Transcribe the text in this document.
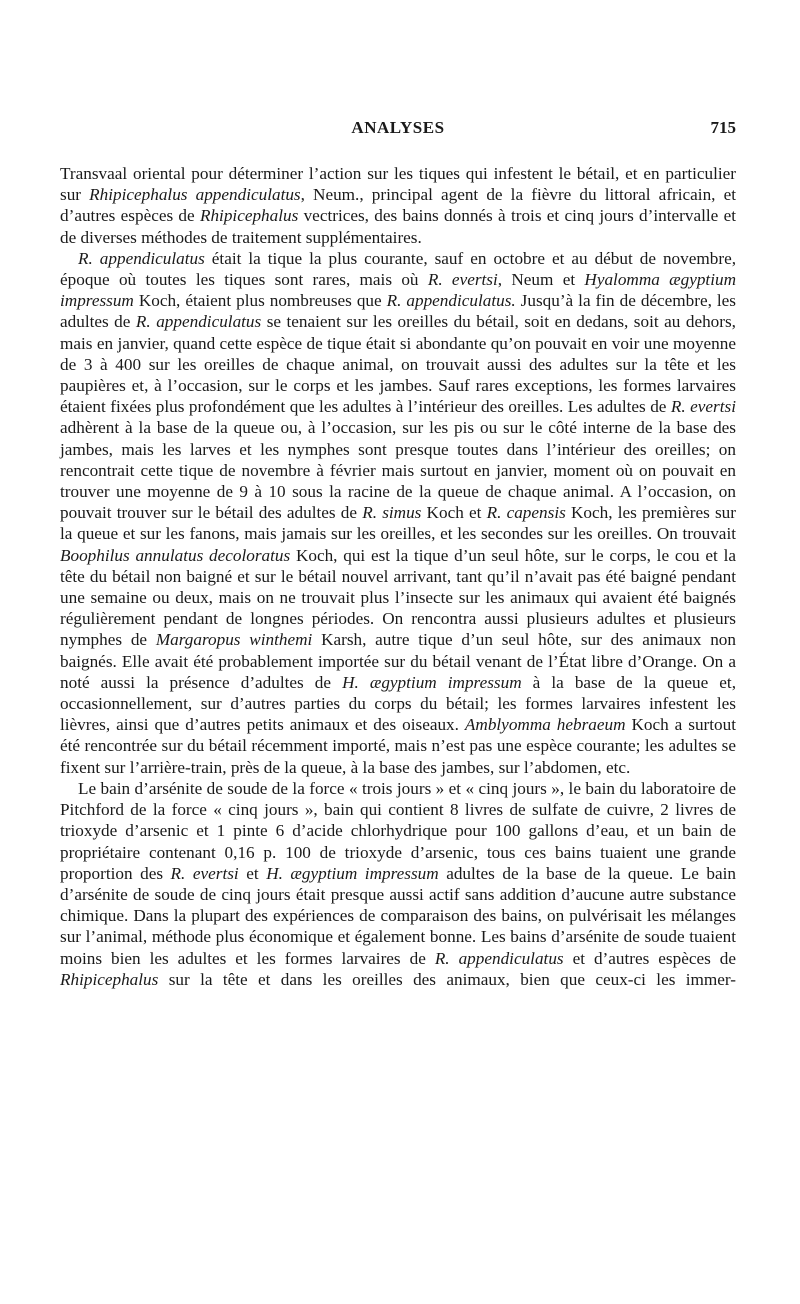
ANALYSES	715

Transvaal oriental pour déterminer l’action sur les tiques qui infestent le bétail, et en particulier sur Rhipicephalus appendiculatus, Neum., principal agent de la fièvre du littoral africain, et d’autres espèces de Rhipicephalus vectrices, des bains donnés à trois et cinq jours d’intervalle et de diverses méthodes de traitement supplémentaires.

R. appendiculatus était la tique la plus courante, sauf en octobre et au début de novembre, époque où toutes les tiques sont rares, mais où R. evertsi, Neum et Hyalomma ægyptium impressum Koch, étaient plus nombreuses que R. appendiculatus. Jusqu’à la fin de décembre, les adultes de R. appendiculatus se tenaient sur les oreilles du bétail, soit en dedans, soit au dehors, mais en janvier, quand cette espèce de tique était si abondante qu’on pouvait en voir une moyenne de 3 à 400 sur les oreilles de chaque animal, on trouvait aussi des adultes sur la tête et les paupières et, à l’occasion, sur le corps et les jambes. Sauf rares exceptions, les formes larvaires étaient fixées plus profondément que les adultes à l’intérieur des oreilles. Les adultes de R. evertsi adhèrent à la base de la queue ou, à l’occasion, sur les pis ou sur le côté interne de la base des jambes, mais les larves et les nymphes sont presque toutes dans l’intérieur des oreilles; on rencontrait cette tique de novembre à février mais surtout en janvier, moment où on pouvait en trouver une moyenne de 9 à 10 sous la racine de la queue de chaque animal. A l’occasion, on pouvait trouver sur le bétail des adultes de R. simus Koch et R. capensis Koch, les premières sur la queue et sur les fanons, mais jamais sur les oreilles, et les secondes sur les oreilles. On trouvait Boophilus annulatus decoloratus Koch, qui est la tique d’un seul hôte, sur le corps, le cou et la tête du bétail non baigné et sur le bétail nouvel arrivant, tant qu’il n’avait pas été baigné pendant une semaine ou deux, mais on ne trouvait plus l’insecte sur les animaux qui avaient été baignés régulièrement pendant de longnes périodes. On rencontra aussi plusieurs adultes et plusieurs nymphes de Margaropus winthemi Karsh, autre tique d’un seul hôte, sur des animaux non baignés. Elle avait été probablement importée sur du bétail venant de l’État libre d’Orange. On a noté aussi la présence d’adultes de H. ægyptium impressum à la base de la queue et, occasionnellement, sur d’autres parties du corps du bétail; les formes larvaires infestent les lièvres, ainsi que d’autres petits animaux et des oiseaux. Amblyomma hebraeum Koch a surtout été rencontrée sur du bétail récemment importé, mais n’est pas une espèce courante; les adultes se fixent sur l’arrière-train, près de la queue, à la base des jambes, sur l’abdomen, etc.

Le bain d’arsénite de soude de la force « trois jours » et « cinq jours », le bain du laboratoire de Pitchford de la force « cinq jours », bain qui contient 8 livres de sulfate de cuivre, 2 livres de trioxyde d’arsenic et 1 pinte 6 d’acide chlorhydrique pour 100 gallons d’eau, et un bain de propriétaire contenant 0,16 p. 100 de trioxyde d’arsenic, tous ces bains tuaient une grande proportion des R. evertsi et H. ægyptium impressum adultes de la base de la queue. Le bain d’arsénite de soude de cinq jours était presque aussi actif sans addition d’aucune autre substance chimique. Dans la plupart des expériences de comparaison des bains, on pulvérisait les mélanges sur l’animal, méthode plus économique et également bonne. Les bains d’arsénite de soude tuaient moins bien les adultes et les formes larvaires de R. appendiculatus et d’autres espèces de Rhipicephalus sur la tête et dans les oreilles des animaux, bien que ceux-ci les immer-
